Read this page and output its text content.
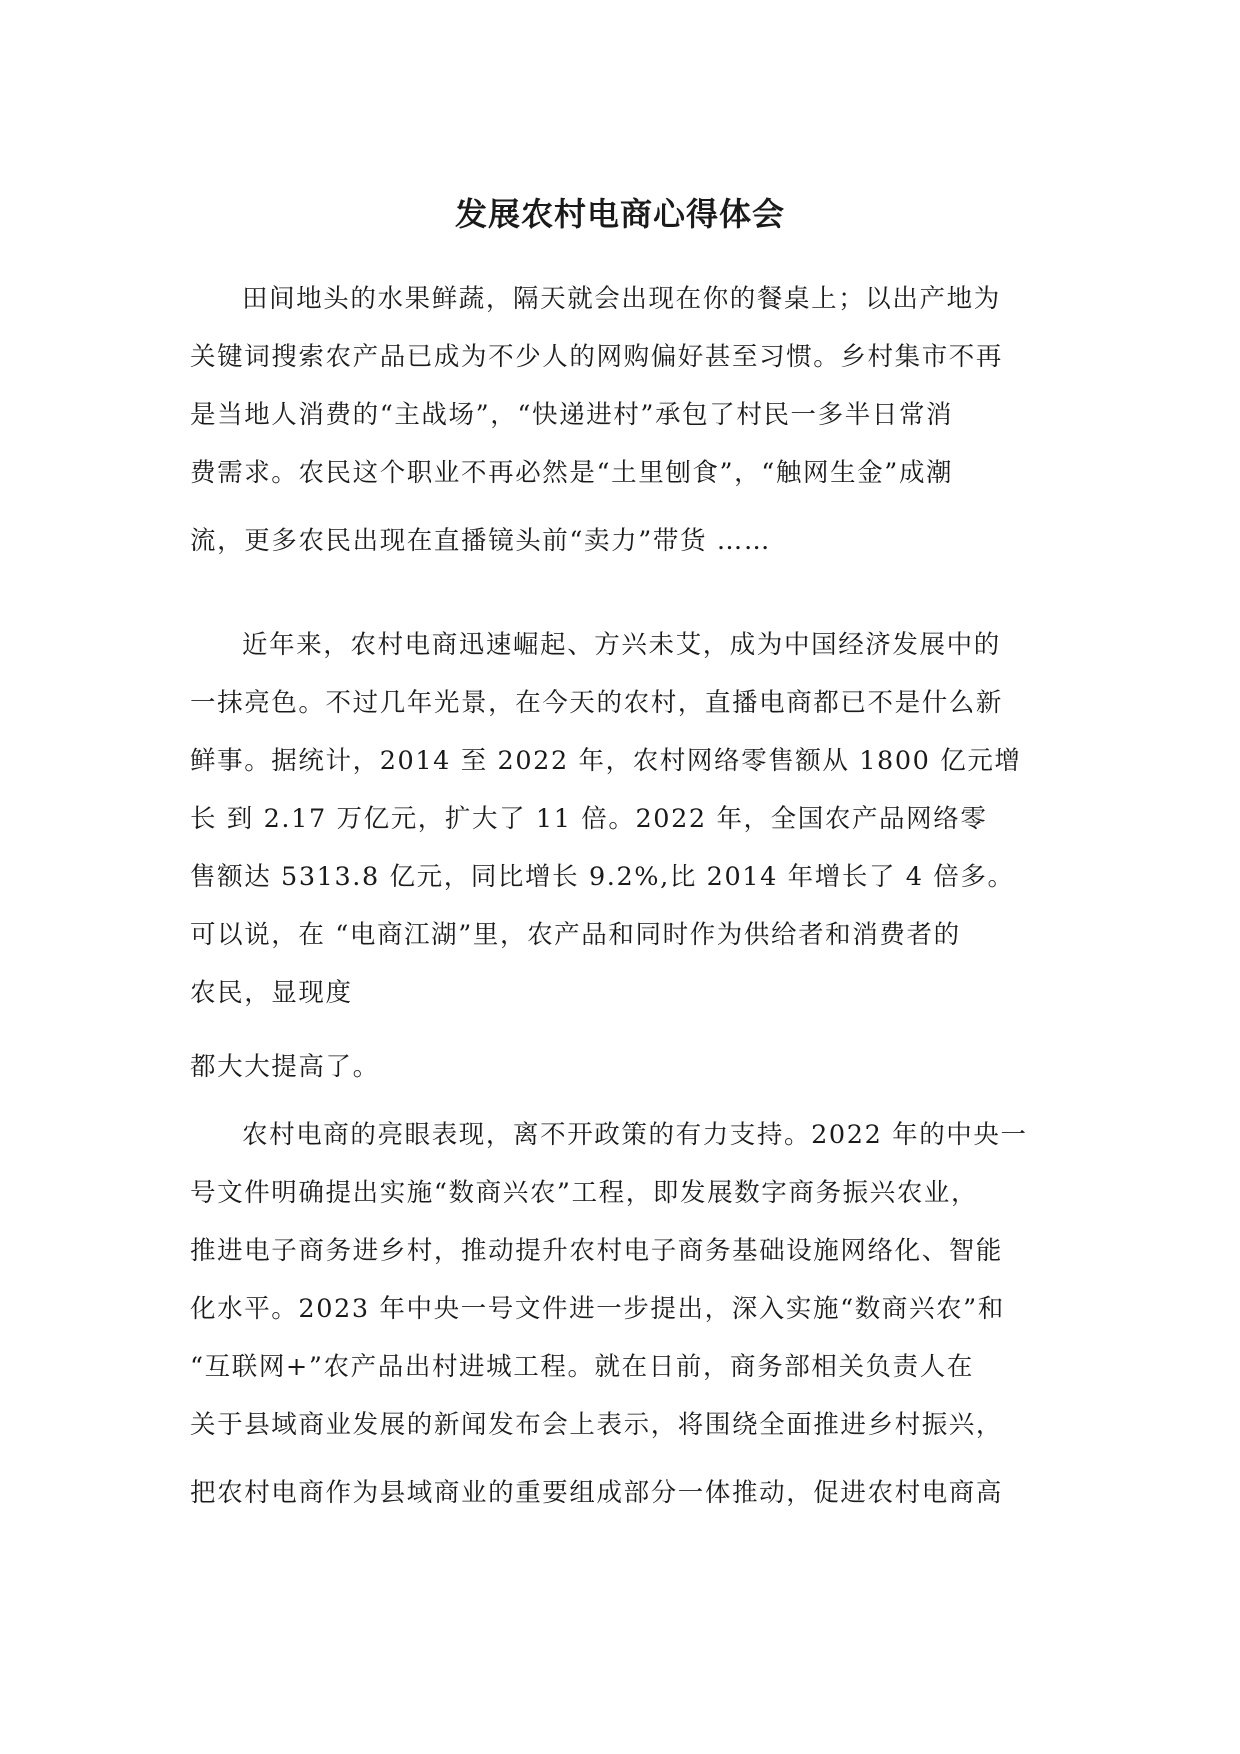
发展农村电商心得体会
田间地头的水果鲜蔬，隔天就会出现在你的餐桌上；以出产地为
关键词搜索农产品已成为不少人的网购偏好甚至习惯。乡村集市不再
是当地人消费的“主战场”，“快递进村”承包了村民一多半日常消
费需求。农民这个职业不再必然是“土里刨食”，“触网生金”成潮
流，更多农民出现在直播镜头前“卖力”带货 ……
近年来，农村电商迅速崛起、方兴未艾，成为中国经济发展中的
一抹亮色。不过几年光景，在今天的农村，直播电商都已不是什么新
鲜事。据统计，2014 至 2022 年，农村网络零售额从 1800 亿元增
长 到 2.17 万亿元，扩大了 11 倍。2022 年，全国农产品网络零
售额达 5313.8 亿元，同比增长 9.2%,比 2014 年增长了 4 倍多。
可以说，在 “电商江湖”里，农产品和同时作为供给者和消费者的
农民，显现度
都大大提高了。
农村电商的亮眼表现，离不开政策的有力支持。2022 年的中央一
号文件明确提出实施“数商兴农”工程，即发展数字商务振兴农业，
推进电子商务进乡村，推动提升农村电子商务基础设施网络化、智能
化水平。2023 年中央一号文件进一步提出，深入实施“数商兴农”和
“互联网+”农产品出村进城工程。就在日前，商务部相关负责人在
关于县域商业发展的新闻发布会上表示，将围绕全面推进乡村振兴，
把农村电商作为县域商业的重要组成部分一体推动，促进农村电商高
